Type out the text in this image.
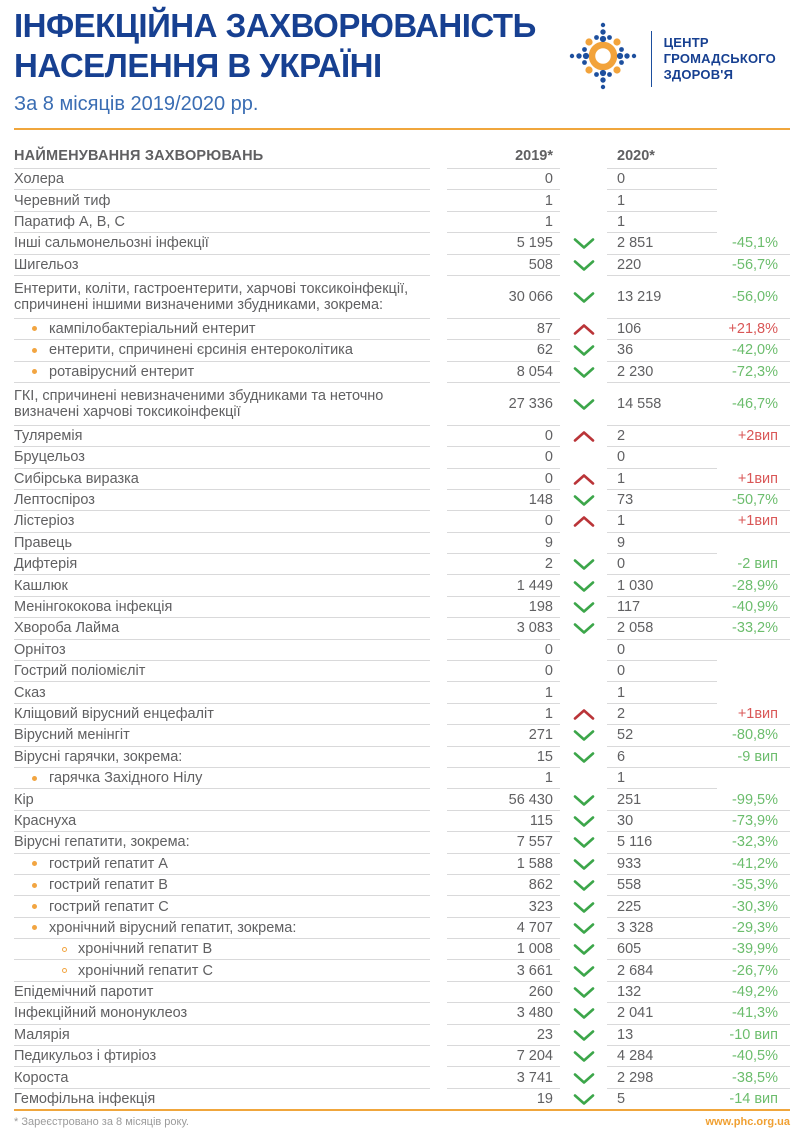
ІНФЕКЦІЙНА ЗАХВОРЮВАНІСТЬ
НАСЕЛЕННЯ В УКРАЇНІ
За 8 місяців 2019/2020 рр.
ЦЕНТР
ГРОМАДСЬКОГО
ЗДОРОВ'Я
НАЙМЕНУВАННЯ ЗАХВОРЮВАНЬ	2019*	2020*
Холера	0	0
Черевний тиф	1	1
Паратиф А, В, С	1	1
Інші сальмонельозні інфекції	5 195	2 851	-45,1%
Шигельоз	508	220	-56,7%
Ентерити, коліти, гастроентерити, харчові токсикоінфекції, спричинені іншими визначеними збудниками, зокрема:	30 066	13 219	-56,0%
кампілобактеріальний ентерит	87	106	+21,8%
ентерити, спричинені єрсинія ентероколітика	62	36	-42,0%
ротавірусний ентерит	8 054	2 230	-72,3%
ГКІ, спричинені невизначеними збудниками та неточно визначені харчові токсикоінфекції	27 336	14 558	-46,7%
Туляремія	0	2	+2вип
Бруцельоз	0	0
Сибірська виразка	0	1	+1вип
Лептоспіроз	148	73	-50,7%
Лістеріоз	0	1	+1вип
Правець	9	9
Дифтерія	2	0	-2 вип
Кашлюк	1 449	1 030	-28,9%
Менінгококова інфекція	198	117	-40,9%
Хвороба Лайма	3 083	2 058	-33,2%
Орнітоз	0	0
Гострий поліомієліт	0	0
Сказ	1	1
Кліщовий вірусний енцефаліт	1	2	+1вип
Вірусний менінгіт	271	52	-80,8%
Вірусні гарячки, зокрема:	15	6	-9 вип
гарячка Західного Нілу	1	1
Кір	56 430	251	-99,5%
Краснуха	115	30	-73,9%
Вірусні гепатити, зокрема:	7 557	5 116	-32,3%
гострий гепатит А	1 588	933	-41,2%
гострий гепатит В	862	558	-35,3%
гострий гепатит С	323	225	-30,3%
хронічний вірусний гепатит, зокрема:	4 707	3 328	-29,3%
хронічний гепатит В	1 008	605	-39,9%
хронічний гепатит С	3 661	2 684	-26,7%
Епідемічний паротит	260	132	-49,2%
Інфекційний мононуклеоз	3 480	2 041	-41,3%
Малярія	23	13	-10 вип
Педикульоз і фтиріоз	7 204	4 284	-40,5%
Короста	3 741	2 298	-38,5%
Гемофільна інфекція	19	5	-14 вип
* Зареєстровано за 8 місяців року.	www.phc.org.ua
